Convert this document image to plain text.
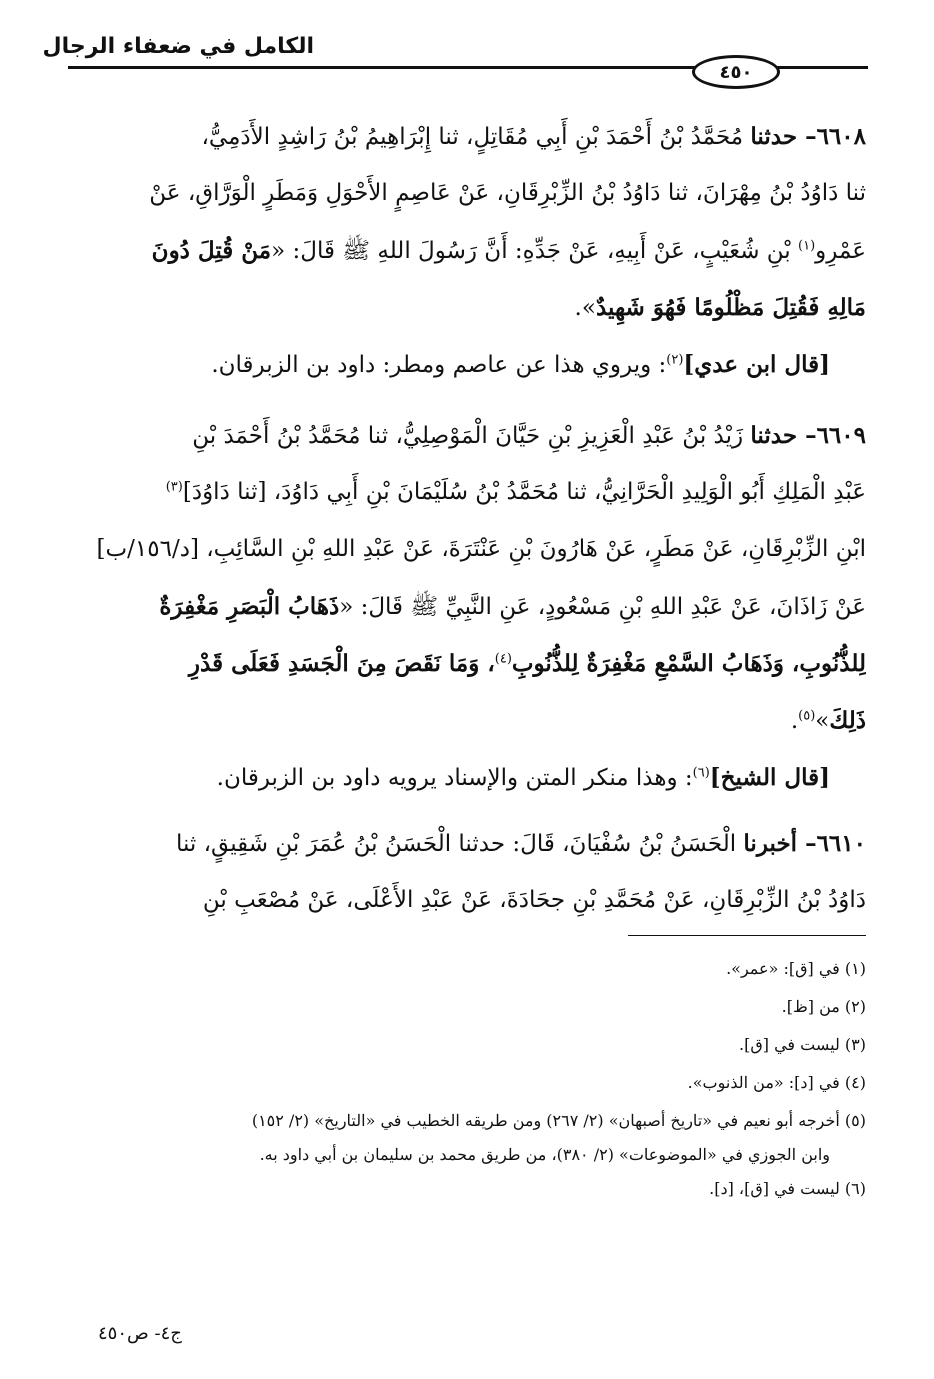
الكامل في ضعفاء الرجال
٤٥٠
٦٦٠٨– حدثنا مُحَمَّدُ بْنُ أَحْمَدَ بْنِ أَبِي مُقَاتِلٍ، ثنا إِبْرَاهِيمُ بْنُ رَاشِدٍ الأَدَمِيُّ،
ثنا دَاوُدُ بْنُ مِهْرَانَ، ثنا دَاوُدُ بْنُ الزِّبْرِقَانِ، عَنْ عَاصِمٍ الأَحْوَلِ وَمَطَرٍ الْوَرَّاقِ، عَنْ
عَمْرِو$^{(١)}$ بْنِ شُعَيْبٍ، عَنْ أَبِيهِ، عَنْ جَدِّهِ: أَنَّ رَسُولَ اللهِ ﷺ قَالَ: «مَنْ قُتِلَ دُونَ
مَالِهِ فَقُتِلَ مَظْلُومًا فَهُوَ شَهِيدٌ».
[قال ابن عدي]$^{(٢)}$: ويروي هذا عن عاصم ومطر: داود بن الزبرقان.
٦٦٠٩– حدثنا زَيْدُ بْنُ عَبْدِ الْعَزِيزِ بْنِ حَيَّانَ الْمَوْصِلِيُّ، ثنا مُحَمَّدُ بْنُ أَحْمَدَ بْنِ
عَبْدِ الْمَلِكِ أَبُو الْوَلِيدِ الْحَرَّانِيُّ، ثنا مُحَمَّدُ بْنُ سُلَيْمَانَ بْنِ أَبِي دَاوُدَ، [ثنا دَاوُدَ]$^{(٣)}$
ابْنِ الزِّبْرِقَانِ، عَنْ مَطَرٍ، عَنْ هَارُونَ بْنِ عَنْتَرَةَ، عَنْ عَبْدِ اللهِ بْنِ السَّائِبِ، [د/١٥٦/ب]
عَنْ زَاذَانَ، عَنْ عَبْدِ اللهِ بْنِ مَسْعُودٍ، عَنِ النَّبِيِّ ﷺ قَالَ: «ذَهَابُ الْبَصَرِ مَغْفِرَةٌ
لِلذُّنُوبِ، وَذَهَابُ السَّمْعِ مَغْفِرَةٌ لِلذُّنُوبِ$^{(٤)}$، وَمَا نَقَصَ مِنَ الْجَسَدِ فَعَلَى قَدْرِ
ذَلِكَ»$^{(٥)}$.
[قال الشيخ]$^{(٦)}$: وهذا منكر المتن والإسناد يرويه داود بن الزبرقان.
٦٦١٠– أخبرنا الْحَسَنُ بْنُ سُفْيَانَ، قَالَ: حدثنا الْحَسَنُ بْنُ عُمَرَ بْنِ شَقِيقٍ، ثنا
دَاوُدُ بْنُ الزِّبْرِقَانِ، عَنْ مُحَمَّدِ بْنِ جحَادَةَ، عَنْ عَبْدِ الأَعْلَى، عَنْ مُصْعَبِ بْنِ
(١) في [ق]: «عمر».
(٢) من [ظ].
(٣) ليست في [ق].
(٤) في [د]: «من الذنوب».
(٥) أخرجه أبو نعيم في «تاريخ أصبهان» (٢/ ٢٦٧) ومن طريقه الخطيب في «التاريخ» (٢/ ١٥٢)
وابن الجوزي في «الموضوعات» (٢/ ٣٨٠)، من طريق محمد بن سليمان بن أبي داود به.
(٦) ليست في [ق]، [د].
ج٤- ص٤٥٠
